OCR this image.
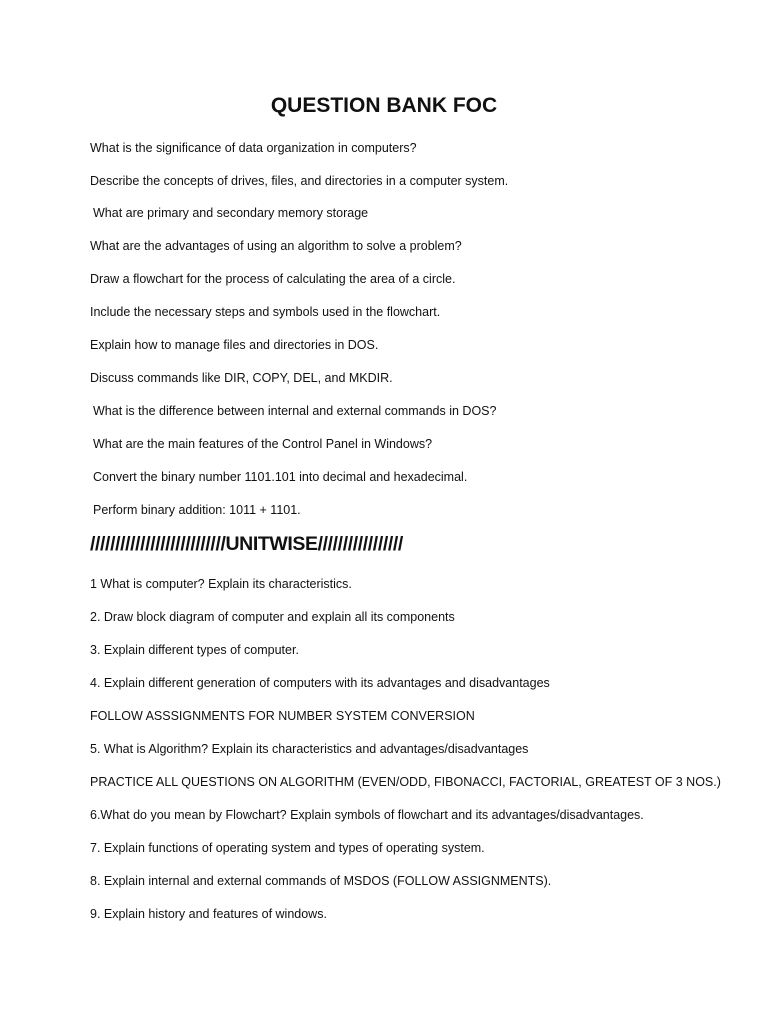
QUESTION BANK FOC

What is the significance of data organization in computers?

Describe the concepts of drives, files, and directories in a computer system.

What are primary and secondary memory storage

What are the advantages of using an algorithm to solve a problem?

Draw a flowchart for the process of calculating the area of a circle.

Include the necessary steps and symbols used in the flowchart.

Explain how to manage files and directories in DOS.

Discuss commands like DIR, COPY, DEL, and MKDIR.

What is the difference between internal and external commands in DOS?

What are the main features of the Control Panel in Windows?

Convert the binary number 1101.101 into decimal and hexadecimal.

Perform binary addition: 1011 + 1101.

///////////////////////////UNITWISE/////////////////

1 What is computer? Explain its characteristics.

2. Draw block diagram of computer and explain all its components

3. Explain different types of computer.

4. Explain different generation of computers with its advantages and disadvantages

FOLLOW ASSSIGNMENTS FOR NUMBER SYSTEM CONVERSION

5. What is Algorithm? Explain its characteristics and advantages/disadvantages

PRACTICE ALL QUESTIONS ON ALGORITHM (EVEN/ODD, FIBONACCI, FACTORIAL, GREATEST OF 3 NOS.)

6.What do you mean by Flowchart? Explain symbols of flowchart and its advantages/disadvantages.

7. Explain functions of operating system and types of operating system.

8. Explain internal and external commands of MSDOS (FOLLOW ASSIGNMENTS).

9. Explain history and features of windows.
